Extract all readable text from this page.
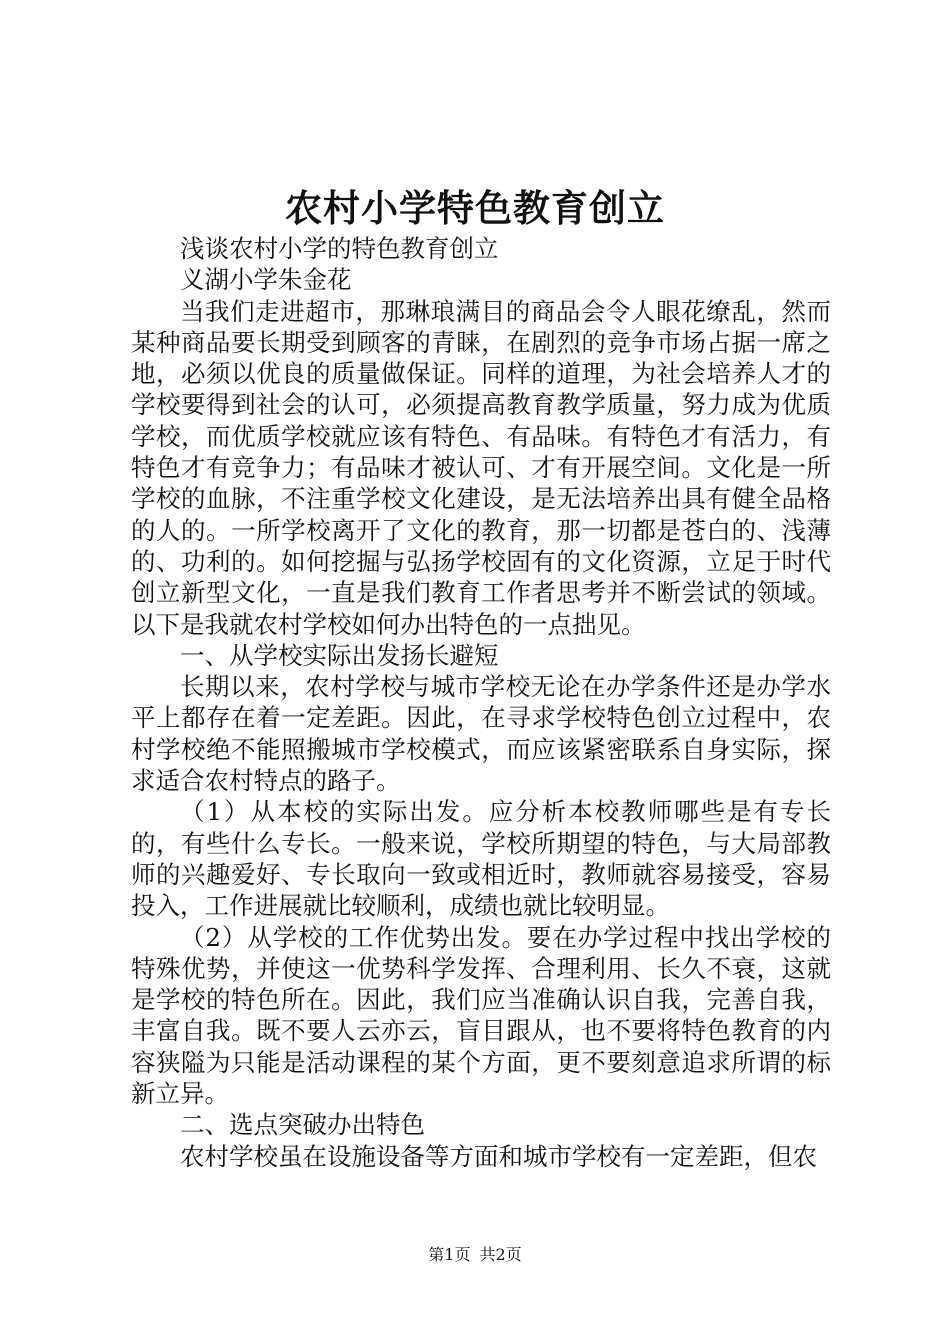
农村小学特色教育创立

浅谈农村小学的特色教育创立

义湖小学朱金花

当我们走进超市，那琳琅满目的商品会令人眼花缭乱，然而某种商品要长期受到顾客的青睐，在剧烈的竞争市场占据一席之地，必须以优良的质量做保证。同样的道理，为社会培养人才的学校要得到社会的认可，必须提高教育教学质量，努力成为优质学校，而优质学校就应该有特色、有品味。有特色才有活力，有特色才有竞争力；有品味才被认可、才有开展空间。文化是一所学校的血脉，不注重学校文化建设，是无法培养出具有健全品格的人的。一所学校离开了文化的教育，那一切都是苍白的、浅薄的、功利的。如何挖掘与弘扬学校固有的文化资源，立足于时代创立新型文化，一直是我们教育工作者思考并不断尝试的领域。以下是我就农村学校如何办出特色的一点拙见。

一、从学校实际出发扬长避短

长期以来，农村学校与城市学校无论在办学条件还是办学水平上都存在着一定差距。因此，在寻求学校特色创立过程中，农村学校绝不能照搬城市学校模式，而应该紧密联系自身实际，探求适合农村特点的路子。

（1）从本校的实际出发。应分析本校教师哪些是有专长的，有些什么专长。一般来说，学校所期望的特色，与大局部教师的兴趣爱好、专长取向一致或相近时，教师就容易接受，容易投入，工作进展就比较顺利，成绩也就比较明显。

（2）从学校的工作优势出发。要在办学过程中找出学校的特殊优势，并使这一优势科学发挥、合理利用、长久不衰，这就是学校的特色所在。因此，我们应当准确认识自我，完善自我，丰富自我。既不要人云亦云，盲目跟从，也不要将特色教育的内容狭隘为只能是活动课程的某个方面，更不要刻意追求所谓的标新立异。

二、选点突破办出特色

农村学校虽在设施设备等方面和城市学校有一定差距，但农

第1页 共2页
